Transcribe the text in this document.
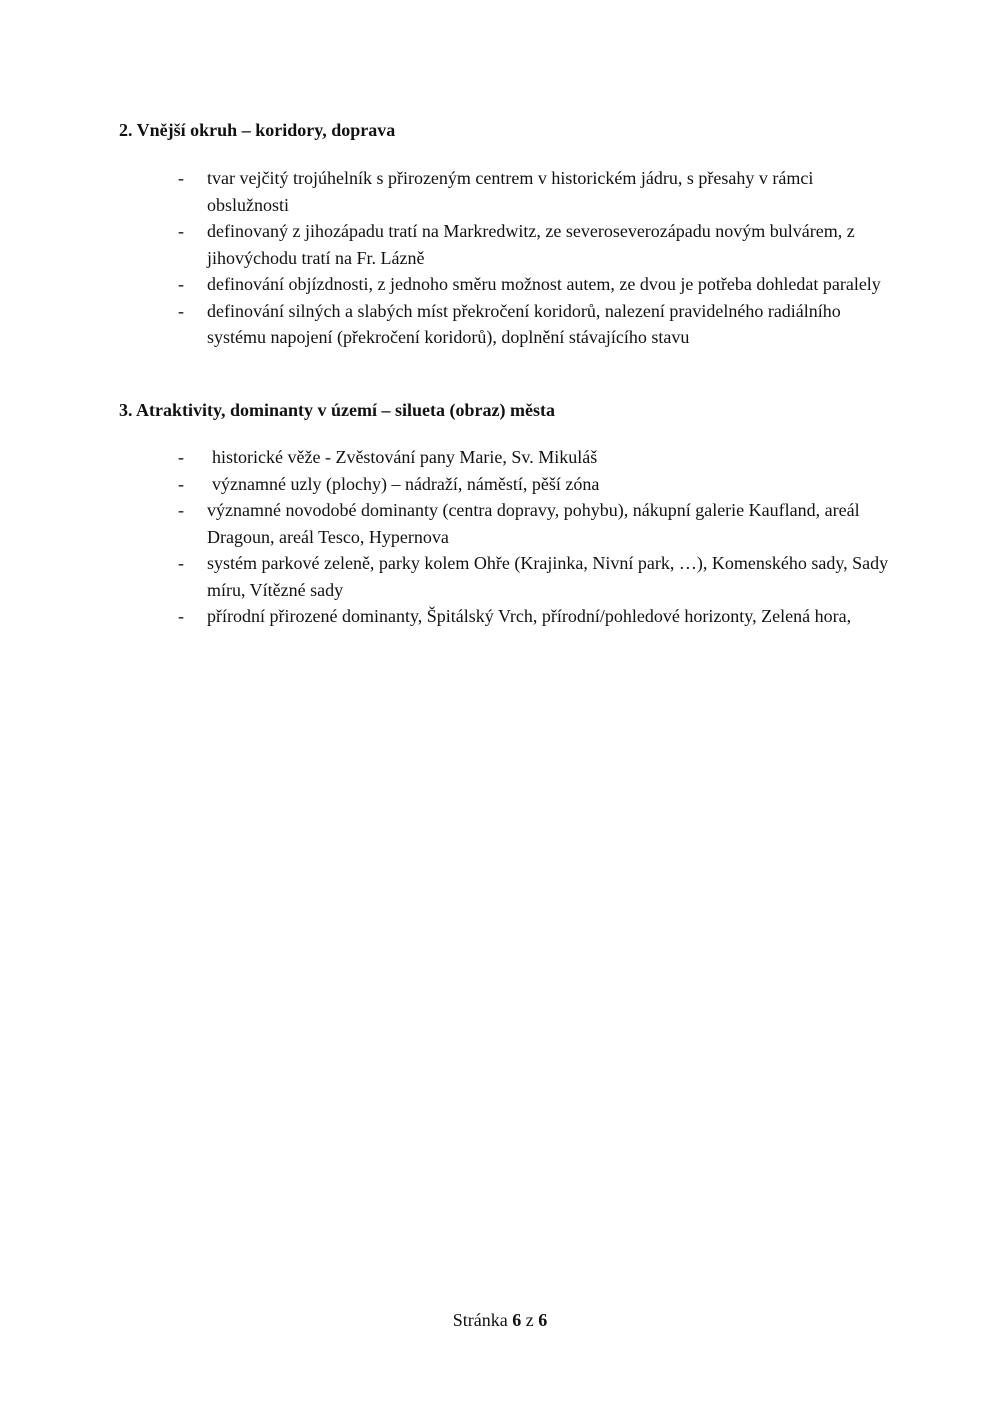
2. Vnější okruh – koridory, doprava
- tvar vejčitý trojúhelník s přirozeným centrem v historickém jádru, s přesahy v rámci obslužnosti
- definovaný z jihozápadu tratí na Markredwitz, ze severoseverozápadu novým bulvárem, z jihovýchodu tratí na Fr. Lázně
- definování objízdnosti, z jednoho směru možnost autem, ze dvou je potřeba dohledat paralely
- definování silných a slabých míst překročení koridorů, nalezení pravidelného radiálního systému napojení (překročení koridorů), doplnění stávajícího stavu
3. Atraktivity, dominanty v území – silueta (obraz) města
- historické věže - Zvěstování pany Marie, Sv. Mikuláš
- významné uzly (plochy) – nádraží, náměstí, pěší zóna
- významné novodobé dominanty (centra dopravy, pohybu), nákupní galerie Kaufland, areál Dragoun, areál Tesco, Hypernova
- systém parkové zeleně, parky kolem Ohře (Krajinka, Nivní park, …), Komenského sady, Sady míru, Vítězné sady
- přírodní přirozené dominanty, Špitálský Vrch, přírodní/pohledové horizonty, Zelená hora,
Stránka 6 z 6
